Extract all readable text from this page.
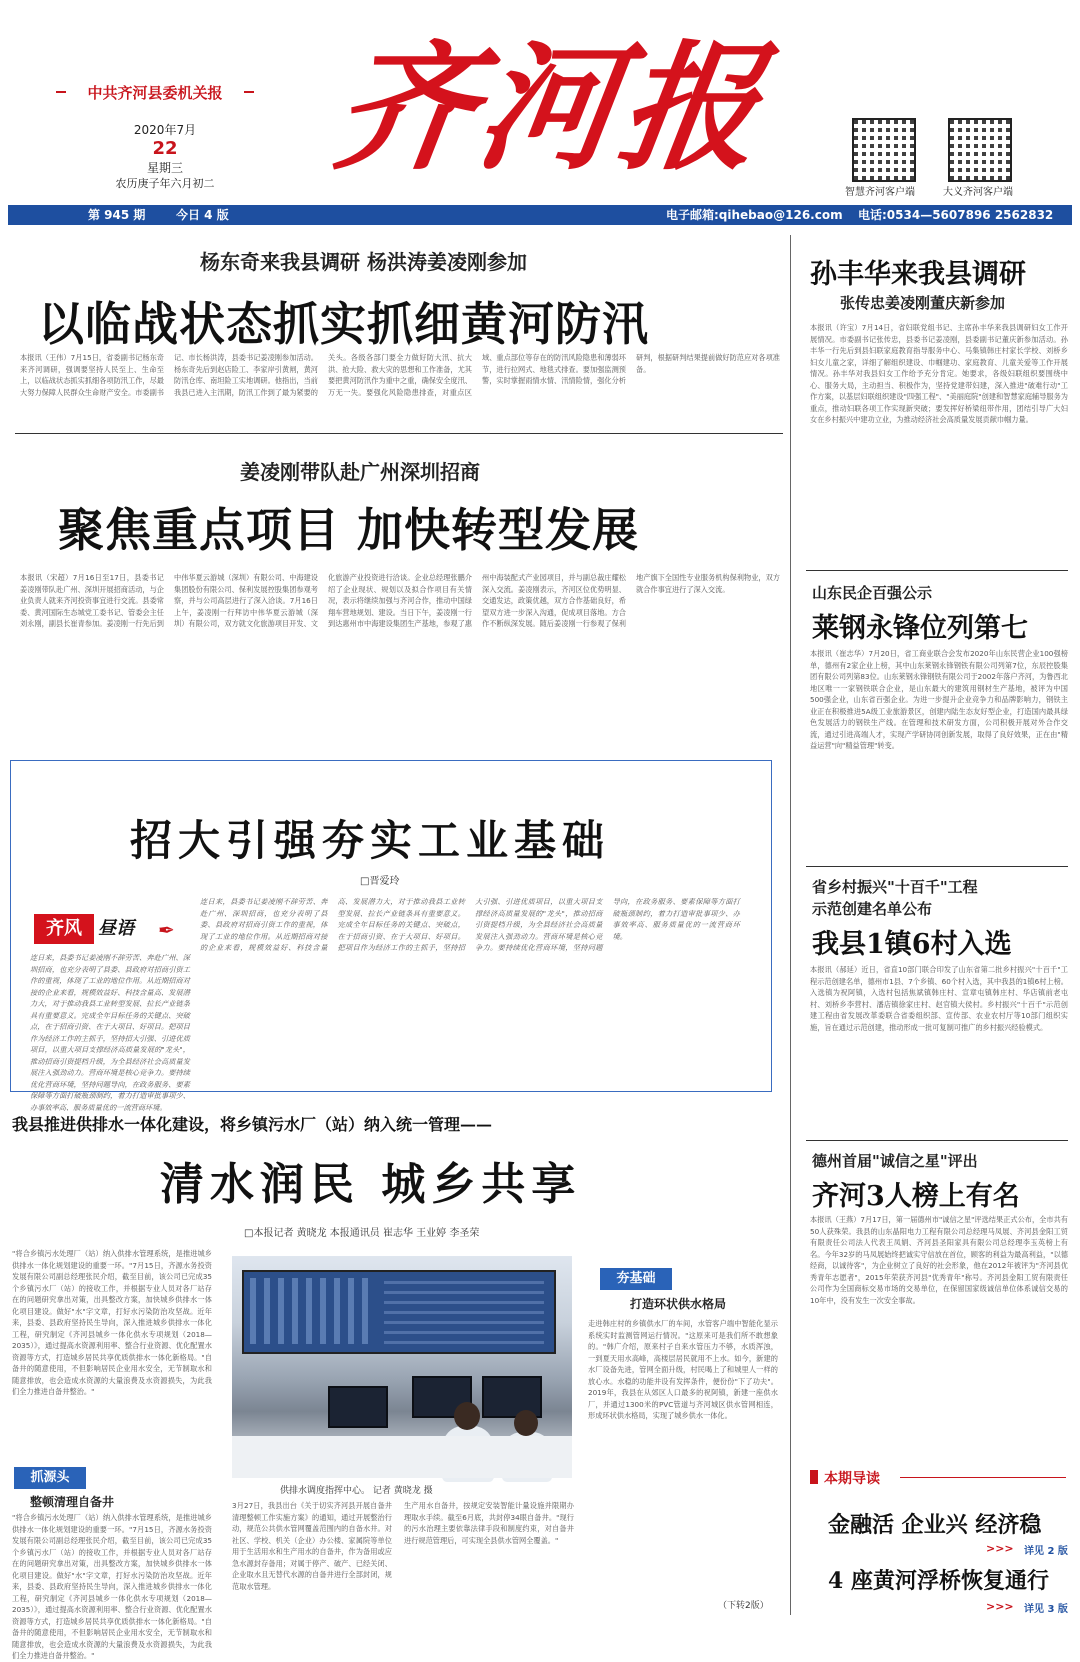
中共齐河县委机关报
2020年7月
22
星期三
农历庚子年六月初二 齐河报
智慧齐河客户端	大义齐河客户端
第 945 期	今日 4 版	电子邮箱:qihebao@126.com 电话:0534—5607896 2562832
杨东奇来我县调研 杨洪涛姜凌刚参加
以临战状态抓实抓细黄河防汛
本报讯（王伟）7月15日，省委副书记杨东奇来齐河调研，强调要坚持人民至上、生命至上，以临战状态抓实抓细各项防汛工作，尽最大努力保障人民群众生命财产安全。市委副书记、市长杨洪涛，县委书记姜凌刚参加活动。杨东奇先后到赵店险工、李家岸引黄闸，黄河防汛仓库、南坦险工实地调研。他指出，当前我县已进入主汛期，防汛工作到了最为紧要的关头。各级各部门要全力做好防大汛、抗大洪、抢大险、救大灾的思想和工作准备，尤其要把黄河防汛作为重中之重，确保安全度汛、万无一失。要强化风险隐患排查，对重点区域、重点部位等存在的防汛风险隐患和薄弱环节，进行拉网式、地毯式排查。要加强监测预警，实时掌握雨情水情、汛情险情，强化分析研判，根据研判结果提前做好防范应对各项准备。
姜凌刚带队赴广州深圳招商
聚焦重点项目 加快转型发展
本报讯（宋超）7月16日至17日，县委书记姜凌刚带队赴广州、深圳开展招商活动，与企业负责人就来齐河投资事宜进行交流。县委常委、黄河国际生态城党工委书记、管委会主任刘永刚，副县长崔青参加。姜凌刚一行先后到中伟华夏云游城（深圳）有限公司、中海建设集团股份有限公司、保利发展控股集团参观考察，并与公司高层进行了深入洽谈。7月16日上午，姜凌刚一行拜访中伟华夏云游城（深圳）有限公司，双方就文化旅游项目开发、文化旅游产业投资进行洽谈。企业总经理张鹏介绍了企业现状、规划以及拟合作项目有关情况，表示将继续加强与齐河合作，推动中国绿翔车营地规划、建设。当日下午，姜凌刚一行到达惠州市中海建设集团生产基地，参观了惠州中海装配式产业园项目，并与副总裁庄耀松深入交流。姜凌刚表示，齐河区位优势明显、交通发达，政策优越，双方合作基础良好，希望双方进一步深入沟通，促成项目落地。方合作不断纵深发展。随后姜凌刚一行参观了保利地产旗下全国性专业服务机构保利物业，双方就合作事宜进行了深入交流。
招大引强夯实工业基础
□晋爱玲
齐风 昼语 ✒
连日来，县委书记姜凌刚不辞劳苦、奔赴广州、深圳招商，也充分表明了县委、县政府对招商引资工作的重视，体现了工业的地位作用。从近期招商对接的企业来看，规模效益好、科技含量高、发展潜力大，对于推动我县工业转型发展、拉长产业链条具有重要意义。完成全年目标任务的关键点、突破点，在于招商引资、在于大项目、好项目。把项目作为经济工作的主抓手，坚持招大引强、引进优质项目，以重大项目支撑经济高质量发展的"龙头"，推动招商引资提档升级，为全县经济社会高质量发展注入强劲动力。营商环境是核心竞争力。要持续优化营商环境，坚持问题导向，在政务服务、要素保障等方面打破瓶颈制约，着力打造审批事项少、办事效率高、服务质量优的一流营商环境。
连日来，县委书记姜凌刚不辞劳苦、奔赴广州、深圳招商，也充分表明了县委、县政府对招商引资工作的重视，体现了工业的地位作用。从近期招商对接的企业来看，规模效益好、科技含量高、发展潜力大，对于推动我县工业转型发展、拉长产业链条具有重要意义。完成全年目标任务的关键点、突破点，在于招商引资、在于大项目、好项目。把项目作为经济工作的主抓手，坚持招大引强、引进优质项目，以重大项目支撑经济高质量发展的"龙头"，推动招商引资提档升级，为全县经济社会高质量发展注入强劲动力。营商环境是核心竞争力。要持续优化营商环境，坚持问题导向，在政务服务、要素保障等方面打破瓶颈制约，着力打造审批事项少、办事效率高、服务质量优的一流营商环境。
我县推进供排水一体化建设，将乡镇污水厂（站）纳入统一管理——
清水润民 城乡共享
□本报记者 黄晓龙 本报通讯员 崔志华 王业婷 李圣荣
"将合乡镇污水处理厂（站）纳入供排水管理系统，是推进城乡供排水一体化规划建设的重要一环。"7月15日，齐源水务投资发展有限公司副总经理张民介绍，截至目前，该公司已完成35个乡镇污水厂（站）的接收工作，并根据专业人员对各厂站存在的问题研究拿出对策，出具整改方案，加快城乡供排水一体化项目建设。做好"水"字文章，打好水污染防治攻坚战。近年来，县委、县政府坚持民生导向，深入推进城乡供排水一体化工程，研究制定《齐河县城乡一体化供水专项规划（2018—2035）》，通过提高水资源利用率、整合行业资源、优化配置水资源等方式，打造城乡居民共享优质供排水一体化新格局。"自备井的随意使用，不但影响居民企业用水安全，无节制取水和随意排放，也会造成水资源的大量浪费及水资源损失，为此我们全力推进自备井整治。"
抓源头
整顿清理自备井
"将合乡镇污水处理厂（站）纳入供排水管理系统，是推进城乡供排水一体化规划建设的重要一环。"7月15日，齐源水务投资发展有限公司副总经理张民介绍，截至目前，该公司已完成35个乡镇污水厂（站）的接收工作，并根据专业人员对各厂站存在的问题研究拿出对策，出具整改方案，加快城乡供排水一体化项目建设。做好"水"字文章，打好水污染防治攻坚战。近年来，县委、县政府坚持民生导向，深入推进城乡供排水一体化工程，研究制定《齐河县城乡一体化供水专项规划（2018—2035）》，通过提高水资源利用率、整合行业资源、优化配置水资源等方式，打造城乡居民共享优质供排水一体化新格局。"自备井的随意使用，不但影响居民企业用水安全，无节制取水和随意排放，也会造成水资源的大量浪费及水资源损失，为此我们全力推进自备井整治。"
供排水调度指挥中心。 记者 黄晓龙 摄
3月27日，我县出台《关于切实齐河县开展自备井清理整顿工作实施方案》的通知，通过开展整治行动，规范公共供水管网覆盖范围内的自备水井。对社区、学校、机关（企业）办公楼、家属院等单位用于生活用水和生产用水的自备井，作为备用或应急水源封存备用；对属于停产、破产、已经关闭、企业取水且无替代水源的自备井进行全部封闭，规范取水管理。
生产用水自备井，按规定安装智能计量设施并限期办理取水手续。截至6月底，共封停34眼自备井。"现行的污水治理主要依靠法律手段和制度约束，对自备井进行规范管理后，可实现全县供水管网全覆盖。"
夯基础
打造环状供水格局
走进韩庄村的乡镇供水厂的车间，水管客户端中智能化显示系统实时监测管网运行情况。"这原来可是我们所不敢想象的。"韩广介绍，原来村子自来水管压力不够，水质浑浊，一到夏天用水高峰，高楼层居民就用不上水。如今，新建的水厂设备先进，管网全面升级，村民喝上了和城里人一样的放心水。水稳的功能井设有发挥条件，便份份"下了功夫"。2019年，我县在从郊区人口最多的祝阿镇，新建一座供水厂，并通过1300米的PVC管道与齐河城区供水管网相连，形成环状供水格局，实现了城乡供水一体化。
（下转2版）
孙丰华来我县调研
张传忠姜凌刚董庆新参加
本报讯（许宝）7月14日，省妇联党组书记、主席孙丰华来我县调研妇女工作开展情况。市委副书记张传忠，县委书记姜凌刚，县委副书记董庆新参加活动。孙丰华一行先后到县妇联家庭教育指导服务中心、马集镇韩庄村家长学校、刘桥乡妇女儿童之家，详细了解组织建设、巾帼建功、家庭教育、儿童关爱等工作开展情况。孙丰华对我县妇女工作给予充分肯定。她要求，各级妇联组织要围绕中心、服务大局，主动担当、积极作为，坚持党建带妇建，深入推进"破难行动"工作方案，以基层妇联组织建设"四强工程"、"美丽庭院"创建和智慧家庭辅导服务为重点，推动妇联各项工作实现新突破；要发挥好桥梁纽带作用，团结引导广大妇女在乡村振兴中建功立业，为推动经济社会高质量发展贡献巾帼力量。
山东民企百强公示
莱钢永锋位列第七
本报讯（崔志华）7月20日，省工商业联合会发布2020年山东民营企业100强榜单，德州有2家企业上榜，其中山东莱钢永锋钢铁有限公司列第7位，东辰控股集团有限公司列第83位。山东莱钢永锋钢铁有限公司于2002年落户齐河，为鲁西北地区唯一一家钢铁联合企业，是山东最大的建筑用钢材生产基地，被评为中国500强企业，山东省百强企业。为进一步提升企业竞争力和品牌影响力，钢铁主业正在积极推进5A级工业旅游景区，创建内陆生态友好型企业，打造国内最具绿色发展活力的钢铁生产线。在管理和技术研发方面，公司积极开展对外合作交流，通过引进高端人才，实现产学研协同创新发展，取得了良好效果，正在由"精益运营"向"精益管理"转变。
省乡村振兴"十百千"工程
示范创建名单公布
我县1镇6村入选
本报讯（郝延）近日，省直10部门联合印发了山东省第二批乡村振兴"十百千"工程示范创建名单，德州市1县、7个乡镇、60个村入选，其中我县的1镇6村上榜。入选镇为祝阿镇，入选村包括焦斌镇韩庄村、宣章屯镇韩庄村、华店镇前老屯村、刘桥乡李营村、潘店镇徐家庄村、赵官镇大侯村。乡村振兴"十百千"示范创建工程由省发展改革委联合省委组织部、宣传部、农业农村厅等10部门组织实施，旨在通过示范创建，推动形成一批可复制可推广的乡村振兴经验模式。
德州首届"诚信之星"评出
齐河3人榜上有名
本报讯（王燕）7月17日，第一届德州市"诚信之星"评选结果正式公布，全市共有50人获殊荣。我县的山东晶阳电力工程有限公司总经理马凤展、齐河县金阳工贸有限责任公司法人代表王凤娟、齐河县圣阳家具有限公司总经理李玉英榜上有名。今年32岁的马凤展始终把诚实守信放在首位，顾客的利益为最高利益，"以德经商，以诚待客"，为企业树立了良好的社会形象，他在2012年被评为"齐河县优秀青年志愿者"，2015年荣获齐河县"优秀青年"称号。齐河县金阳工贸有限责任公司作为全国商标交易市场的交易单位，在保留国家级诚信单位体系诚信交易的10年中，没有发生一次安全事故。
本期导读
金融活 企业兴 经济稳
>>> 详见 2 版
4 座黄河浮桥恢复通行
>>> 详见 3 版
